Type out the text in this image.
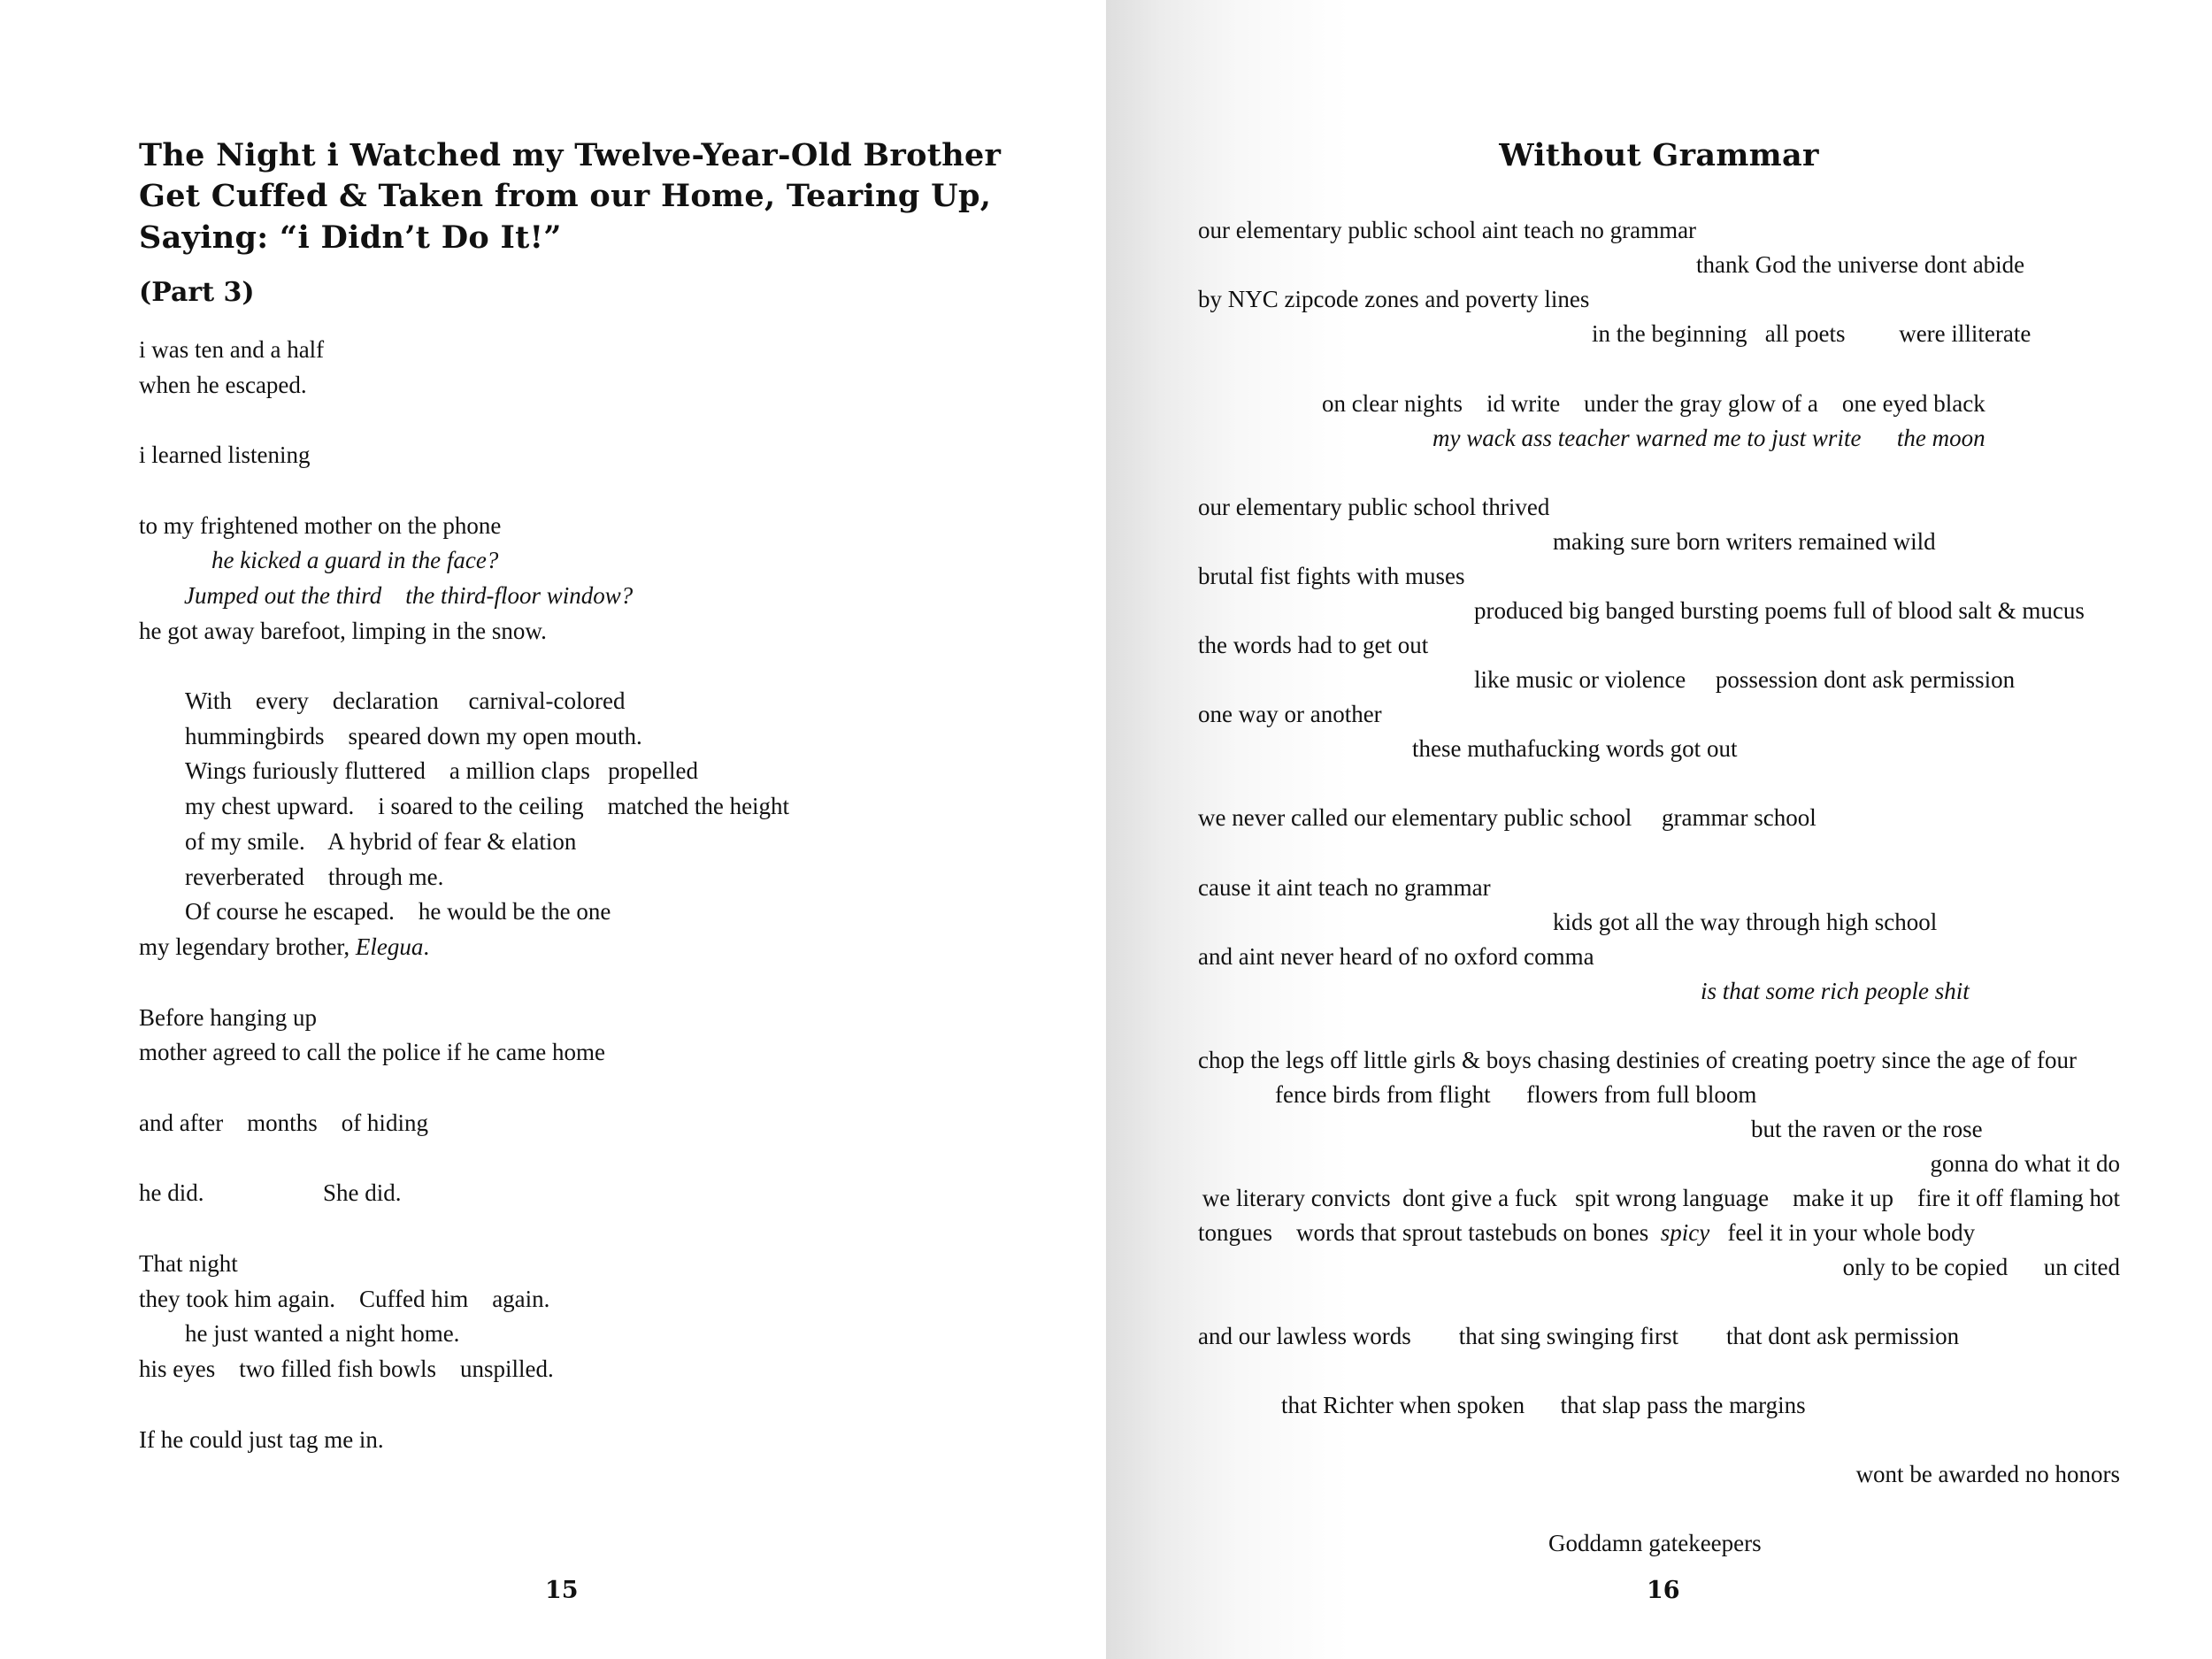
The Night i Watched my Twelve-Year-Old Brother
Get Cuffed & Taken from our Home, Tearing Up,
Saying: “i Didn’t Do It!”
(Part 3)
i was ten and a half
when he escaped.
i learned listening
to my frightened mother on the phone
he kicked a guard in the face?
Jumped out the third    the third-floor window?
he got away barefoot, limping in the snow.
With    every    declaration     carnival-colored
hummingbirds    speared down my open mouth.
Wings furiously fluttered    a million claps   propelled
my chest upward.    i soared to the ceiling    matched the height
of my smile.    A hybrid of fear & elation
reverberated    through me.
Of course he escaped.    he would be the one
my legendary brother, Elegua.
Before hanging up
mother agreed to call the police if he came home
and after    months    of hiding
he did.	She did.
That night
they took him again.    Cuffed him    again.
he just wanted a night home.
his eyes    two filled fish bowls    unspilled.
If he could just tag me in.
15
Without Grammar
our elementary public school aint teach no grammar
thank God the universe dont abide
by NYC zipcode zones and poverty lines
in the beginning   all poets         were illiterate
on clear nights    id write    under the gray glow of a    one eyed black
my wack ass teacher warned me to just write      the moon
our elementary public school thrived
making sure born writers remained wild
brutal fist fights with muses
produced big banged bursting poems full of blood salt & mucus
the words had to get out
like music or violence     possession dont ask permission
one way or another
these muthafucking words got out
we never called our elementary public school     grammar school
cause it aint teach no grammar
kids got all the way through high school
and aint never heard of no oxford comma
is that some rich people shit
chop the legs off little girls & boys chasing destinies of creating poetry since the age of four
fence birds from flight      flowers from full bloom
but the raven or the rose
gonna do what it do
we literary convicts  dont give a fuck   spit wrong language    make it up    fire it off flaming hot
tongues    words that sprout tastebuds on bones  spicy   feel it in your whole body
only to be copied      un cited
and our lawless words        that sing swinging first        that dont ask permission
that Richter when spoken      that slap pass the margins
wont be awarded no honors
Goddamn gatekeepers
16
